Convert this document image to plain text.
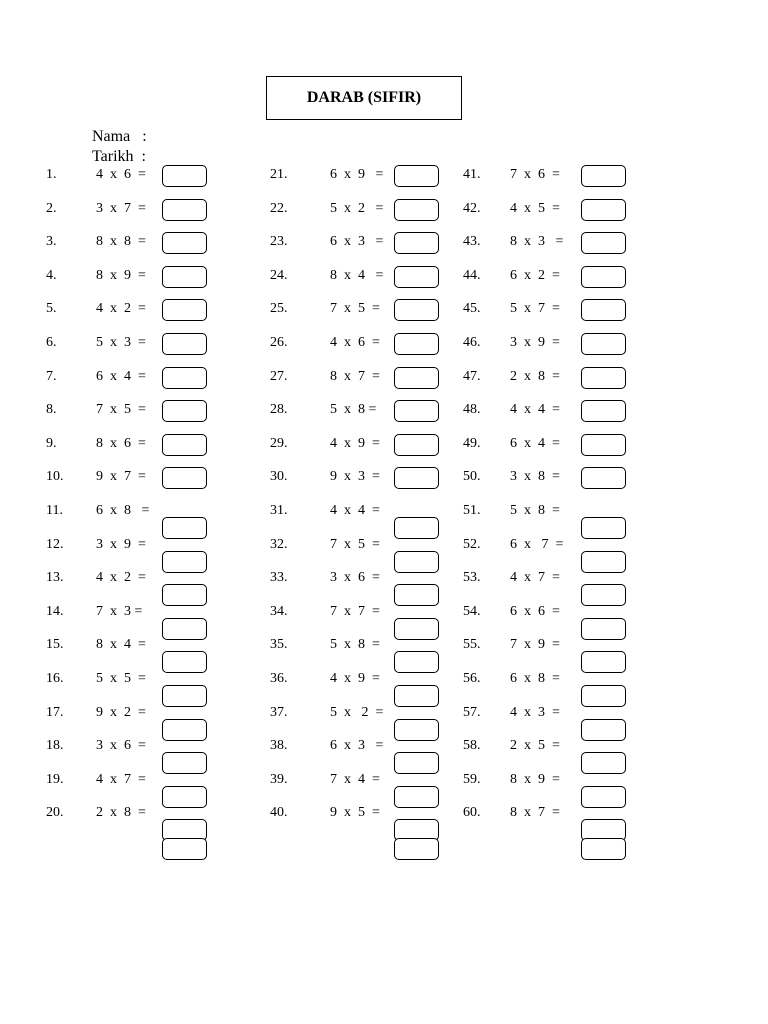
DARAB (SIFIR)
Nama   :
Tarikh  :
1.	4  x  6  =
2.	3  x  7  =
3.	8  x  8  =
4.	8  x  9  =
5.	4  x  2  =
6.	5  x  3  =
7.	6  x  4  =
8.	7  x  5  =
9.	8  x  6  =
10. 9  x  7  =
11. 6  x  8   =
12. 3  x  9  =
13. 4  x  2  =
14. 7  x  3 =
15. 8  x  4  =
16. 5  x  5  =
17. 9  x  2  =
18. 3  x  6  =
19. 4  x  7  =
20. 2  x  8  =
21.	6  x  9   =
22.	5  x  2   =
23.	6  x  3   =
24.	8  x  4   =
25.	7  x  5  =
26.	4  x  6  =
27.	8  x  7  =
28.	5  x  8 =
29.	4  x  9  =
30.	9  x  3  =
31.	4  x  4  =
32.	7  x  5  =
33.	3  x  6  =
34.	7  x  7  =
35.	5  x  8  =
36.	4  x  9  =
37.	5  x   2  =
38.	6  x  3   =
39.	7  x  4  =
40.	9  x  5  =
41. 7  x  6  =
42. 4  x  5  =
43. 8  x  3   =
44. 6  x  2  =
45. 5  x  7  =
46. 3  x  9  =
47. 2  x  8  =
48. 4  x  4  =
49. 6  x  4  =
50. 3  x  8  =
51. 5  x  8  =
52. 6  x   7  =
53. 4  x  7  =
54. 6  x  6  =
55. 7  x  9  =
56. 6  x  8  =
57. 4  x  3  =
58. 2  x  5  =
59. 8  x  9  =
60. 8  x  7  =
